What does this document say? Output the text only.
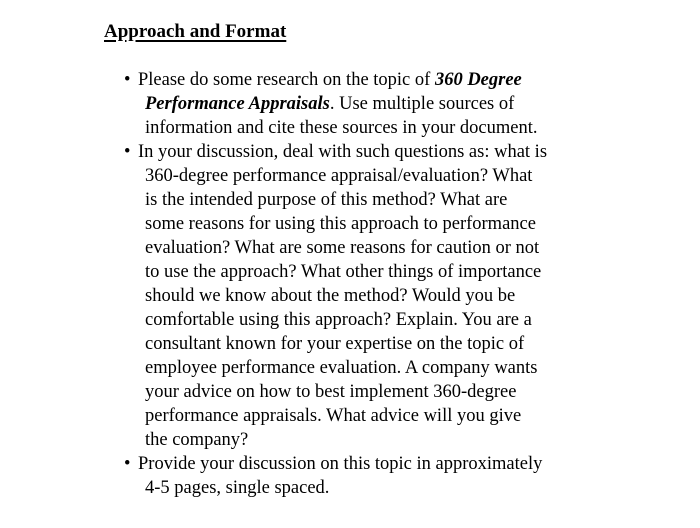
Approach and Format
• Please do some research on the topic of 360 Degree
Performance Appraisals. Use multiple sources of
information and cite these sources in your document.
• In your discussion, deal with such questions as: what is
360-degree performance appraisal/evaluation? What
is the intended purpose of this method? What are
some reasons for using this approach to performance
evaluation? What are some reasons for caution or not
to use the approach? What other things of importance
should we know about the method? Would you be
comfortable using this approach? Explain. You are a
consultant known for your expertise on the topic of
employee performance evaluation. A company wants
your advice on how to best implement 360-degree
performance appraisals. What advice will you give
the company?
• Provide your discussion on this topic in approximately
4-5 pages, single spaced.
